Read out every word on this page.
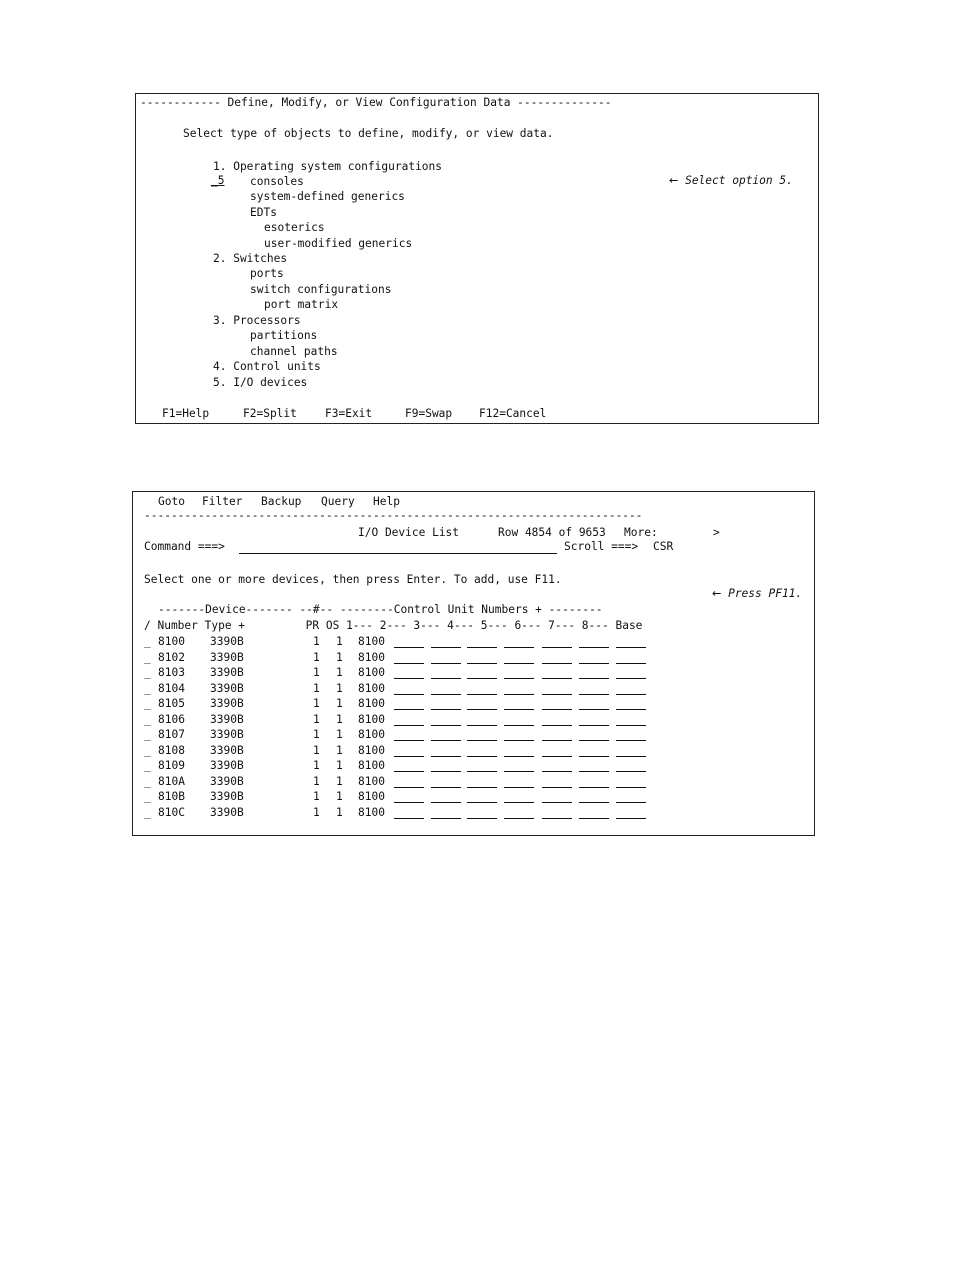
------------ Define, Modify, or View Configuration Data --------------
Select type of objects to define, modify, or view data.

_5

1. Operating system configurations
consoles
system-defined generics
EDTs
esoterics
user-modified generics
2. Switches
ports
switch configurations
port matrix
3. Processors
partitions
channel paths
4. Control units
5. I/O devices

← Select option 5.

F1=Help	F2=Split	F3=Exit	F9=Swap F12=Cancel
Goto Filter Backup Query Help
--------------------------------------------------------------------------
I/O Device List	Row 4854 of 9653 More:	>
Command ===>	Scroll ===> CSR
Select one or more devices, then press Enter. To add, use F11.

← Press PF11.

-------Device------- --#-- --------Control Unit Numbers + --------
/ Number Type +         PR OS 1--- 2--- 3--- 4--- 5--- 6--- 7--- 8--- Base
_ 8100 3390B	1 1 8100
_ 8102 3390B	1 1 8100
_ 8103 3390B	1 1 8100
_ 8104 3390B	1 1 8100
_ 8105 3390B	1 1 8100
_ 8106 3390B	1 1 8100
_ 8107 3390B	1 1 8100
_ 8108 3390B	1 1 8100
_ 8109 3390B	1 1 8100
_ 810A 3390B	1 1 8100
_ 810B 3390B	1 1 8100
_ 810C 3390B	1 1 8100
